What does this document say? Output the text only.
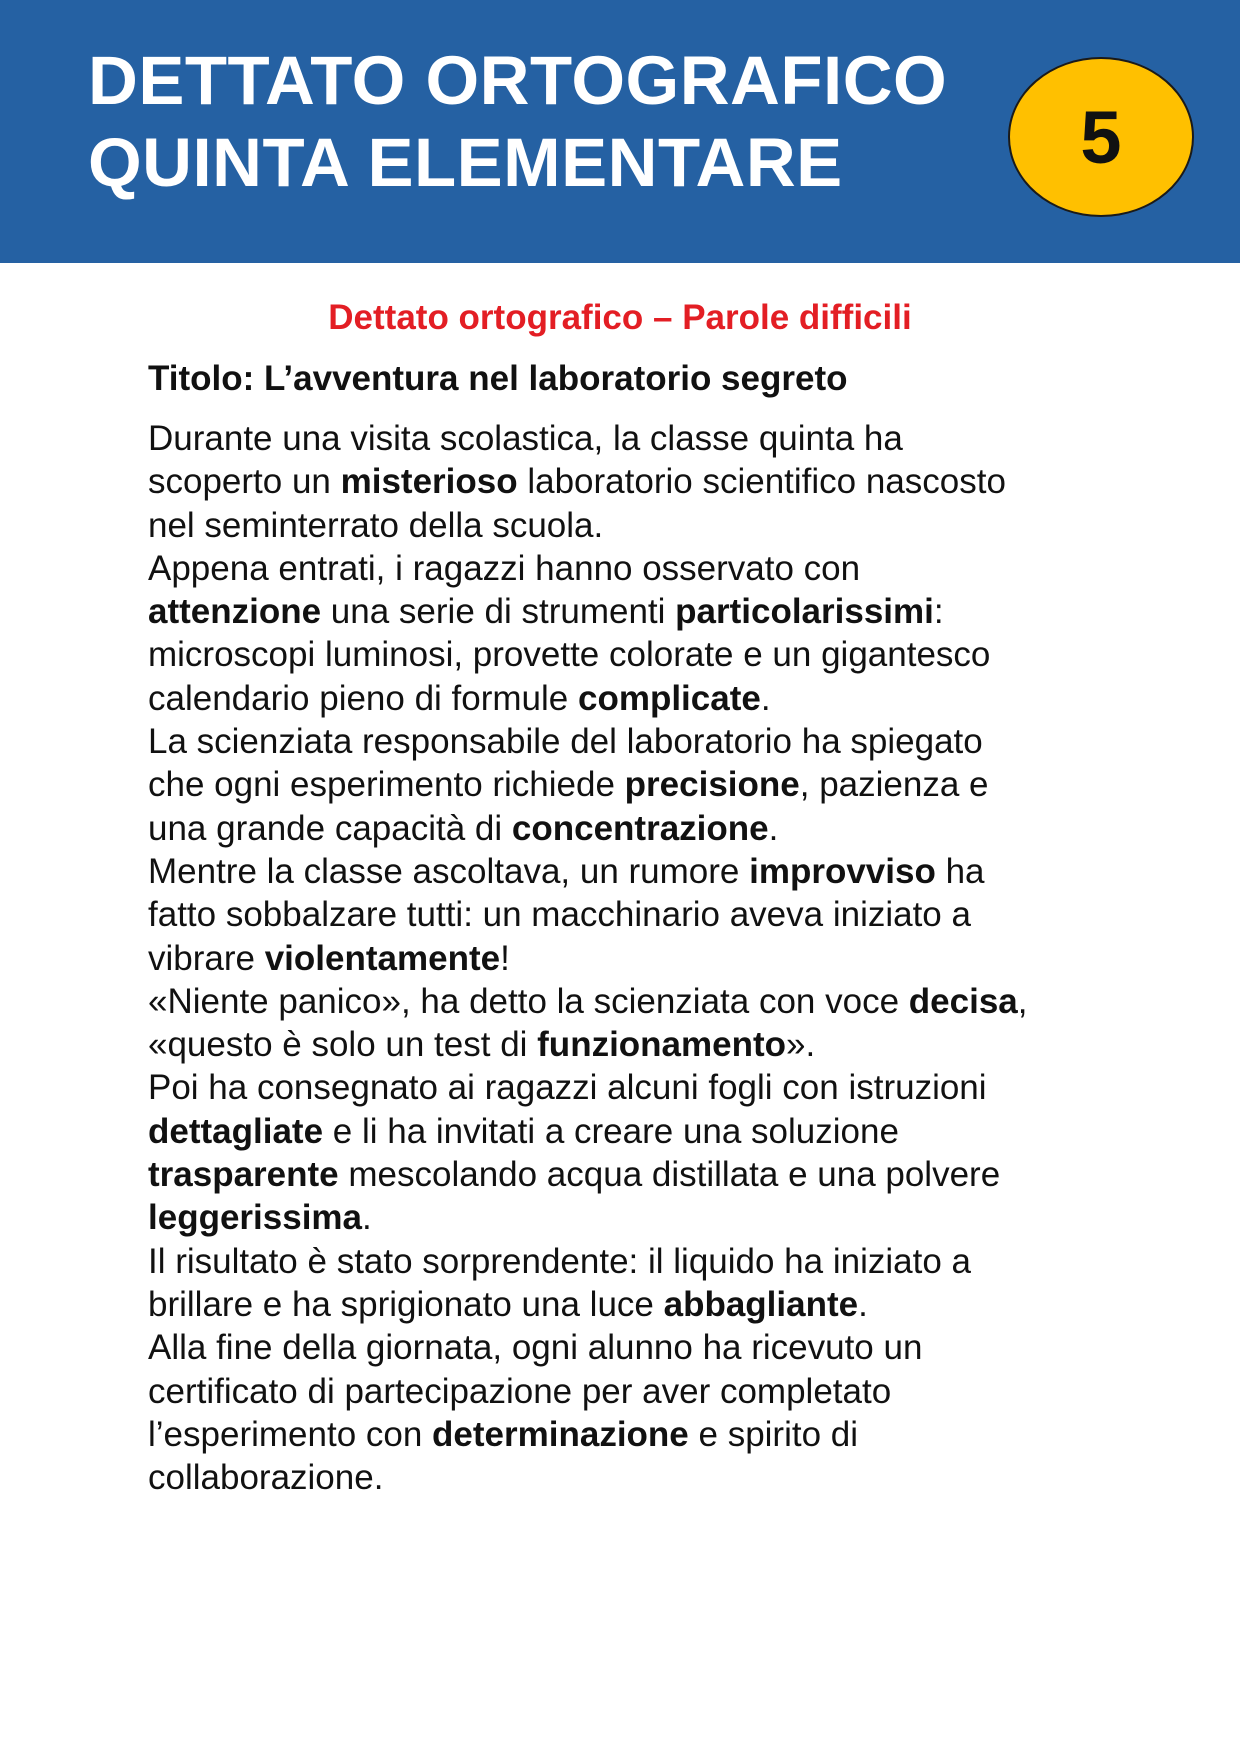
DETTATO ORTOGRAFICO
QUINTA ELEMENTARE	5
Dettato ortografico – Parole difficili
Titolo: L’avventura nel laboratorio segreto
Durante una visita scolastica, la classe quinta ha
scoperto un misterioso laboratorio scientifico nascosto
nel seminterrato della scuola.
Appena entrati, i ragazzi hanno osservato con
attenzione una serie di strumenti particolarissimi:
microscopi luminosi, provette colorate e un gigantesco
calendario pieno di formule complicate.
La scienziata responsabile del laboratorio ha spiegato
che ogni esperimento richiede precisione, pazienza e
una grande capacità di concentrazione.
Mentre la classe ascoltava, un rumore improvviso ha
fatto sobbalzare tutti: un macchinario aveva iniziato a
vibrare violentamente!
«Niente panico», ha detto la scienziata con voce decisa,
«questo è solo un test di funzionamento».
Poi ha consegnato ai ragazzi alcuni fogli con istruzioni
dettagliate e li ha invitati a creare una soluzione
trasparente mescolando acqua distillata e una polvere
leggerissima.
Il risultato è stato sorprendente: il liquido ha iniziato a
brillare e ha sprigionato una luce abbagliante.
Alla fine della giornata, ogni alunno ha ricevuto un
certificato di partecipazione per aver completato
l’esperimento con determinazione e spirito di
collaborazione.
